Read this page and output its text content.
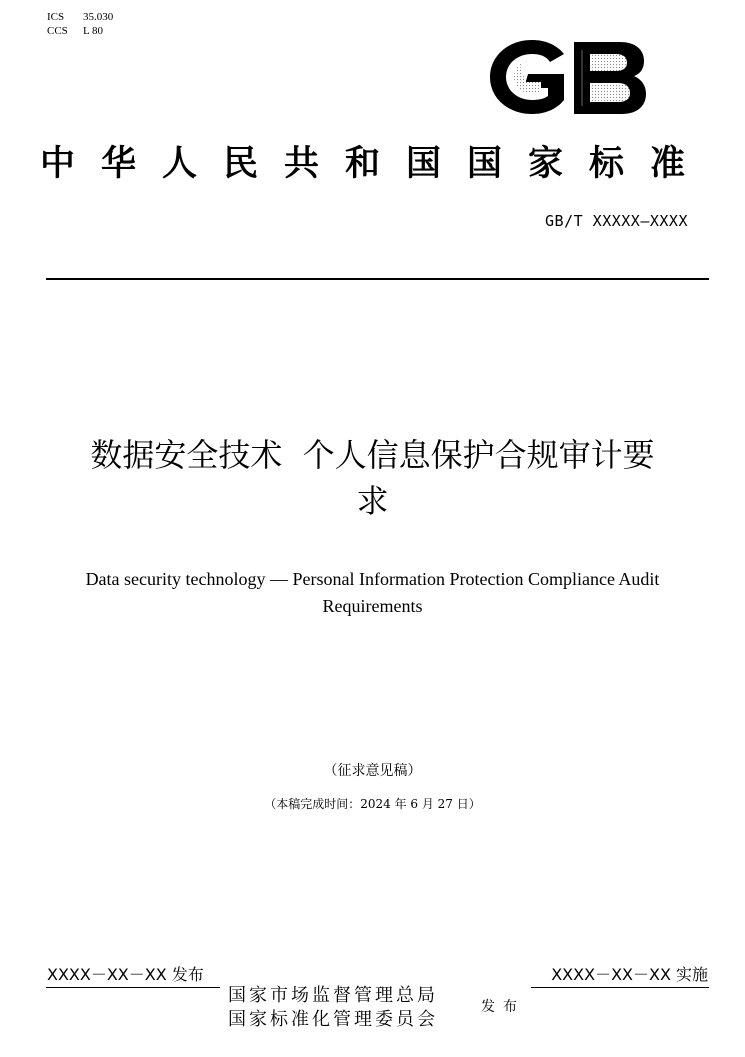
ICS 35.030
CCS L 80
中华人民共和国国家标准
GB/T XXXXX—XXXX
数据安全技术  个人信息保护合规审计要
求
Data security technology — Personal Information Protection Compliance Audit
Requirements
（征求意见稿）
（本稿完成时间：2024 年 6 月 27 日）
XXXX－XX－XX 发布	XXXX－XX－XX 实施
国家市场监督管理总局
国家标准化管理委员会
发布
